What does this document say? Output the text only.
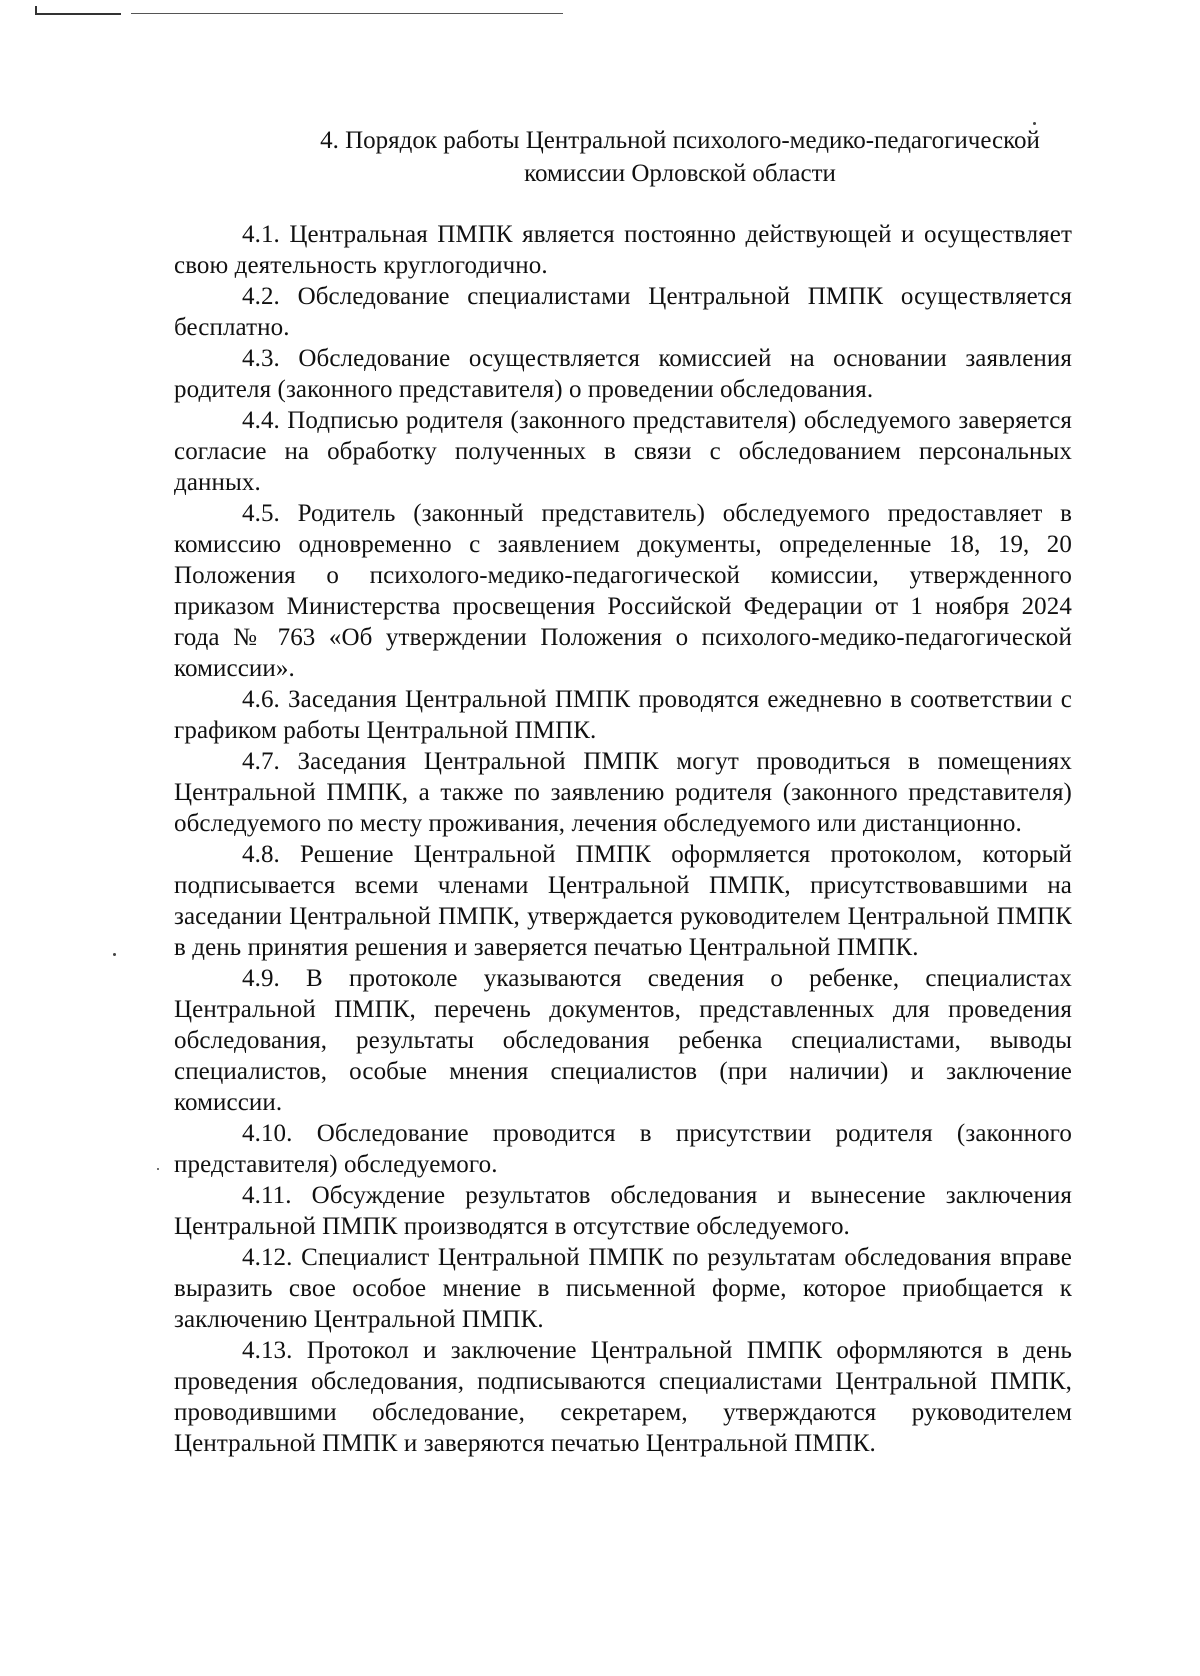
4. Порядок работы Центральной психолого-медико-педагогической
комиссии Орловской области

4.1. Центральная ПМПК является постоянно действующей и осуществляет свою деятельность круглогодично.

4.2. Обследование специалистами Центральной ПМПК осуществляется бесплатно.

4.3. Обследование осуществляется комиссией на основании заявления родителя (законного представителя) о проведении обследования.

4.4. Подписью родителя (законного представителя) обследуемого заверяется согласие на обработку полученных в связи с обследованием персональных данных.

4.5. Родитель (законный представитель) обследуемого предоставляет в комиссию одновременно с заявлением документы, определенные 18, 19, 20 Положения о психолого-медико-педагогической комиссии, утвержденного приказом Министерства просвещения Российской Федерации от 1 ноября 2024 года № 763 «Об утверждении Положения о психолого-медико-педагогической комиссии».

4.6. Заседания Центральной ПМПК проводятся ежедневно в соответствии с графиком работы Центральной ПМПК.

4.7. Заседания Центральной ПМПК могут проводиться в помещениях Центральной ПМПК, а также по заявлению родителя (законного представителя) обследуемого по месту проживания, лечения обследуемого или дистанционно.

4.8. Решение Центральной ПМПК оформляется протоколом, который подписывается всеми членами Центральной ПМПК, присутствовавшими на заседании Центральной ПМПК, утверждается руководителем Центральной ПМПК в день принятия решения и заверяется печатью Центральной ПМПК.

4.9. В протоколе указываются сведения о ребенке, специалистах Центральной ПМПК, перечень документов, представленных для проведения обследования, результаты обследования ребенка специалистами, выводы специалистов, особые мнения специалистов (при наличии) и заключение комиссии.

4.10. Обследование проводится в присутствии родителя (законного представителя) обследуемого.

4.11. Обсуждение результатов обследования и вынесение заключения Центральной ПМПК производятся в отсутствие обследуемого.

4.12. Специалист Центральной ПМПК по результатам обследования вправе выразить свое особое мнение в письменной форме, которое приобщается к заключению Центральной ПМПК.

4.13. Протокол и заключение Центральной ПМПК оформляются в день проведения обследования, подписываются специалистами Центральной ПМПК, проводившими обследование, секретарем, утверждаются руководителем Центральной ПМПК и заверяются печатью Центральной ПМПК.
